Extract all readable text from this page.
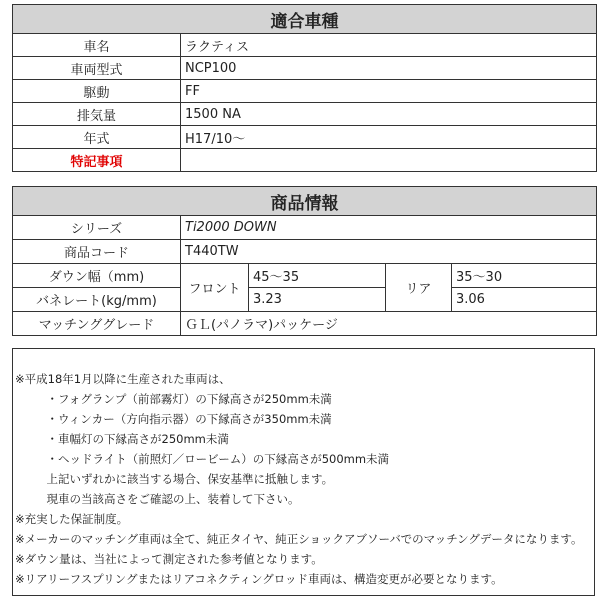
適合車種	
車名	ラクティス
車両型式	NCP100
駆動	FF
排気量	1500 NA
年式	H17/10～
特記事項	
商品情報				
シリーズ	Ti2000 DOWN			
商品コード	T440TW			
ダウン幅（mm)	フロント	45～35	リア	35～30
バネレート(kg/mm)		3.23		3.06
マッチンググレード	ＧＬ(パノラマ)パッケージ			
※平成18年1月以降に生産された車両は、
　・フォグランプ（前部霧灯）の下縁高さが250mm未満
　・ウィンカー（方向指示器）の下縁高さが350mm未満
　・車幅灯の下縁高さが250mm未満
　・ヘッドライト（前照灯／ロービーム）の下縁高さが500mm未満
　上記いずれかに該当する場合、保安基準に抵触します。
　現車の当該高さをご確認の上、装着して下さい。
※充実した保証制度。
※メーカーのマッチング車両は全て、純正タイヤ、純正ショックアブソーバでのマッチングデータになります。
※ダウン量は、当社によって測定された参考値となります。
※リアリーフスプリングまたはリアコネクティングロッド車両は、構造変更が必要となります。
